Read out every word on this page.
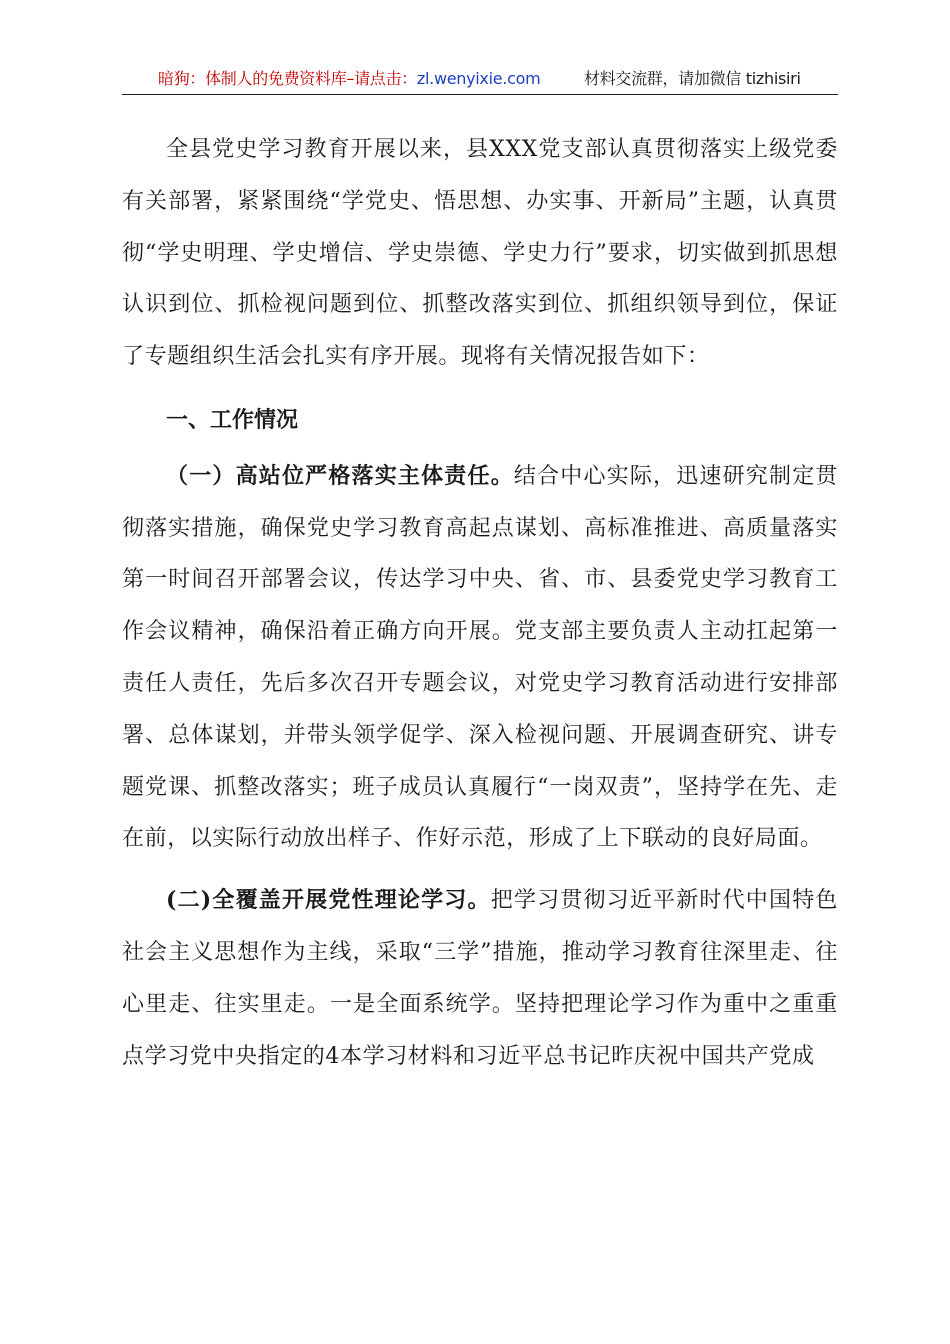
暗狗：体制人的免费资料库–请点击：zl.wenyixie.com	材料交流群，请加微信 tizhisiri

全县党史学习教育开展以来，县XXX党支部认真贯彻落实上级党委有关部署，紧紧围绕“学党史、悟思想、办实事、开新局”主题，认真贯彻“学史明理、学史增信、学史崇德、学史力行”要求，切实做到抓思想认识到位、抓检视问题到位、抓整改落实到位、抓组织领导到位，保证了专题组织生活会扎实有序开展。现将有关情况报告如下：

一、工作情况

（一）高站位严格落实主体责任。结合中心实际，迅速研究制定贯彻落实措施，确保党史学习教育高起点谋划、高标准推进、高质量落实第一时间召开部署会议，传达学习中央、省、市、县委党史学习教育工作会议精神，确保沿着正确方向开展。党支部主要负责人主动扛起第一责任人责任，先后多次召开专题会议，对党史学习教育活动进行安排部署、总体谋划，并带头领学促学、深入检视问题、开展调查研究、讲专题党课、抓整改落实；班子成员认真履行“一岗双责”，坚持学在先、走在前，以实际行动放出样子、作好示范，形成了上下联动的良好局面。

(二)全覆盖开展党性理论学习。把学习贯彻习近平新时代中国特色社会主义思想作为主线，采取“三学”措施，推动学习教育往深里走、往心里走、往实里走。一是全面系统学。坚持把理论学习作为重中之重重点学习党中央指定的4本学习材料和习近平总书记昨庆祝中国共产党成
